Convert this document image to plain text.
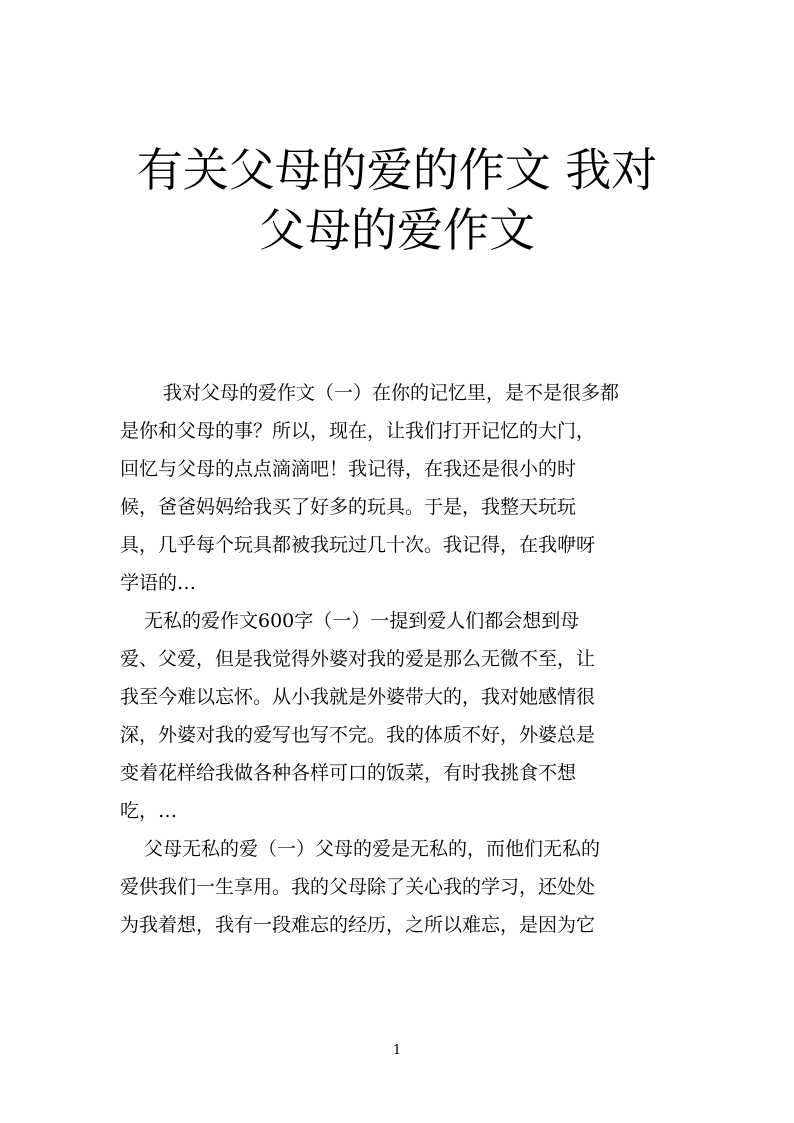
有关父母的爱的作文 我对
父母的爱作文
　我对父母的爱作文（一）在你的记忆里，是不是很多都
是你和父母的事？所以，现在，让我们打开记忆的大门，
回忆与父母的点点滴滴吧！我记得，在我还是很小的时
候，爸爸妈妈给我买了好多的玩具。于是，我整天玩玩
具，几乎每个玩具都被我玩过几十次。我记得，在我咿呀
学语的…
无私的爱作文600字（一）一提到爱人们都会想到母
爱、父爱，但是我觉得外婆对我的爱是那么无微不至，让
我至今难以忘怀。从小我就是外婆带大的，我对她感情很
深，外婆对我的爱写也写不完。我的体质不好，外婆总是
变着花样给我做各种各样可口的饭菜，有时我挑食不想
吃，…
父母无私的爱（一）父母的爱是无私的，而他们无私的
爱供我们一生享用。我的父母除了关心我的学习，还处处
为我着想，我有一段难忘的经历，之所以难忘，是因为它
1
